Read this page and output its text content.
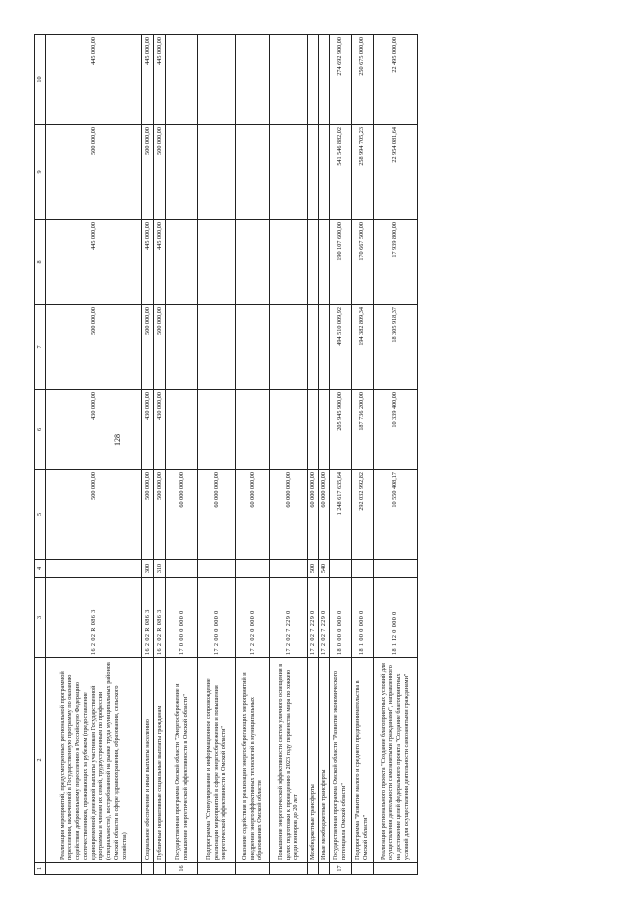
128
1	2	3	4	5	6	7	8	9	10
	Реализация мероприятий, предусмотренных региональной программой переселения, включенной в Государственную программу по оказанию содействия добровольному переселению в Российскую Федерацию соотечественников, проживающих за рубежом (предоставление единовременной денежной выплаты участникам Государственной программы и членам их семей, трудоустроенным по профессии (специальности), востребованной на рынке труда муниципальных районов Омской области в сфере здравоохранения, образования, сельского хозяйства)	16 2 02 R 086 3		500 000,00	430 000,00	500 000,00	445 000,00	500 000,00	445 000,00
	Социальное обеспечение и иные выплаты населению	16 2 02 R 086 3	300	500 000,00	430 000,00	500 000,00	445 000,00	500 000,00	445 000,00
	Публичные нормативные социальные выплаты гражданам	16 2 02 R 086 3	310	500 000,00	430 000,00	500 000,00	445 000,00	500 000,00	445 000,00
16	Государственная программа Омской области "Энергосбережение и повышение энергетической эффективности в Омской области"	17 0 00 0 000 0		60 000 000,00					
	Подпрограмма "Стимулирование и информационное сопровождение реализации мероприятий в сфере энергосбережения и повышения энергетической эффективности в Омской области"	17 2 00 0 000 0		60 000 000,00					
	Оказание содействия в реализации энергосберегающих мероприятий и внедрении энергоэффективных технологий в муниципальных образованиях Омской области	17 2 02 0 000 0		60 000 000,00					
	Повышение энергетической эффективности систем уличного освещения в целях подготовки к проведению в 2023 году первенства мира по хоккею среди юниоров до 20 лет	17 2 02 7 229 0		60 000 000,00					
	Межбюджетные трансферты	17 2 02 7 229 0	500	60 000 000,00					
	Иные межбюджетные трансферты	17 2 02 7 229 0	540	60 000 000,00					
17	Государственная программа Омской области "Развитие экономического потенциала Омской области"	18 0 00 0 000 0		1 248 617 635,64	205 945 900,00	494 510 009,92	190 107 600,00	541 546 882,02	274 692 900,00
	Подпрограмма "Развитие малого и среднего предпринимательства в Омской области"	18 1 00 0 000 0		292 032 992,82	187 736 200,00	194 382 809,34	170 667 500,00	258 994 705,23	250 675 000,00
	Реализация регионального проекта "Создание благоприятных условий для осуществления деятельности самозанятыми гражданами", направленного на достижение целей федерального проекта "Создание благоприятных условий для осуществления деятельности самозанятыми гражданами"	18 1 I2 0 000 0		10 550 408,17	10 339 400,00	18 305 918,37	17 939 800,00	22 954 081,64	22 495 000,00
